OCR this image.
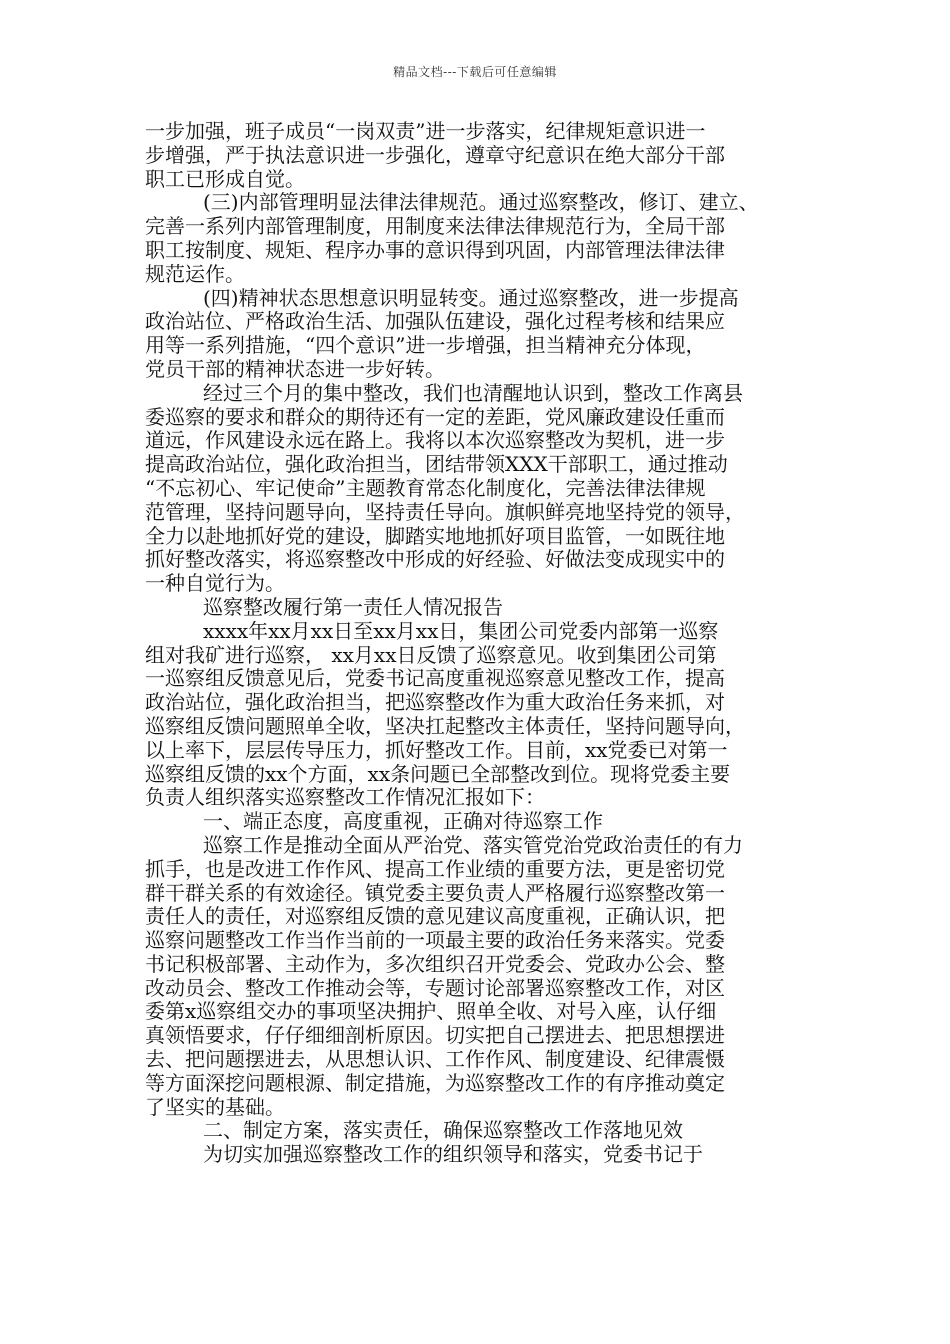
精品文档---下载后可任意编辑
一步加强，班子成员“一岗双责”进一步落实，纪律规矩意识进一
步增强，严于执法意识进一步强化，遵章守纪意识在绝大部分干部
职工已形成自觉。
(三)内部管理明显法律法律规范。通过巡察整改，修订、建立、
完善一系列内部管理制度，用制度来法律法律规范行为，全局干部
职工按制度、规矩、程序办事的意识得到巩固，内部管理法律法律
规范运作。
(四)精神状态思想意识明显转变。通过巡察整改，进一步提高
政治站位、严格政治生活、加强队伍建设，强化过程考核和结果应
用等一系列措施，“四个意识”进一步增强，担当精神充分体现，
党员干部的精神状态进一步好转。
经过三个月的集中整改，我们也清醒地认识到，整改工作离县
委巡察的要求和群众的期待还有一定的差距，党风廉政建设任重而
道远，作风建设永远在路上。我将以本次巡察整改为契机，进一步
提高政治站位，强化政治担当，团结带领XXX干部职工，通过推动
“不忘初心、牢记使命”主题教育常态化制度化，完善法律法律规
范管理，坚持问题导向，坚持责任导向。旗帜鲜亮地坚持党的领导，
全力以赴地抓好党的建设，脚踏实地地抓好项目监管，一如既往地
抓好整改落实，将巡察整改中形成的好经验、好做法变成现实中的
一种自觉行为。
巡察整改履行第一责任人情况报告
xxxx年xx月xx日至xx月xx日，集团公司党委内部第一巡察
组对我矿进行巡察， xx月xx日反馈了巡察意见。收到集团公司第
一巡察组反馈意见后，党委书记高度重视巡察意见整改工作，提高
政治站位，强化政治担当，把巡察整改作为重大政治任务来抓，对
巡察组反馈问题照单全收，坚决扛起整改主体责任，坚持问题导向，
以上率下，层层传导压力，抓好整改工作。目前，xx党委已对第一
巡察组反馈的xx个方面，xx条问题已全部整改到位。现将党委主要
负责人组织落实巡察整改工作情况汇报如下：
一、端正态度，高度重视，正确对待巡察工作
巡察工作是推动全面从严治党、落实管党治党政治责任的有力
抓手，也是改进工作作风、提高工作业绩的重要方法，更是密切党
群干群关系的有效途径。镇党委主要负责人严格履行巡察整改第一
责任人的责任，对巡察组反馈的意见建议高度重视，正确认识，把
巡察问题整改工作当作当前的一项最主要的政治任务来落实。党委
书记积极部署、主动作为，多次组织召开党委会、党政办公会、整
改动员会、整改工作推动会等，专题讨论部署巡察整改工作，对区
委第x巡察组交办的事项坚决拥护、照单全收、对号入座，认仔细
真领悟要求，仔仔细细剖析原因。切实把自己摆进去、把思想摆进
去、把问题摆进去，从思想认识、工作作风、制度建设、纪律震慑
等方面深挖问题根源、制定措施，为巡察整改工作的有序推动奠定
了坚实的基础。
二、制定方案，落实责任，确保巡察整改工作落地见效
为切实加强巡察整改工作的组织领导和落实，党委书记于
